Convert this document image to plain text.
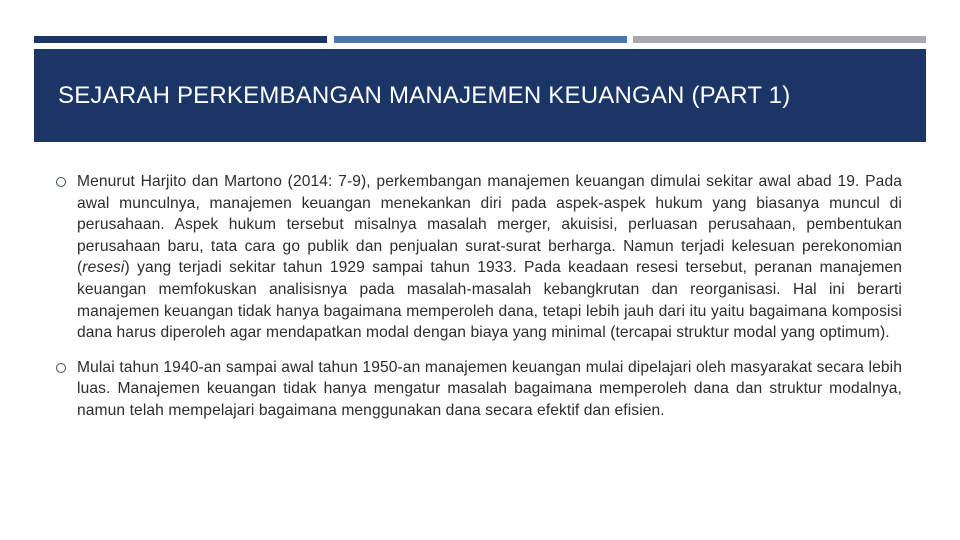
SEJARAH PERKEMBANGAN MANAJEMEN KEUANGAN (PART 1)
Menurut Harjito dan Martono (2014: 7-9), perkembangan manajemen keuangan dimulai sekitar awal abad 19. Pada awal munculnya, manajemen keuangan menekankan diri pada aspek-aspek hukum yang biasanya muncul di perusahaan. Aspek hukum tersebut misalnya masalah merger, akuisisi, perluasan perusahaan, pembentukan perusahaan baru, tata cara go publik dan penjualan surat-surat berharga. Namun terjadi kelesuan perekonomian (resesi) yang terjadi sekitar tahun 1929 sampai tahun 1933. Pada keadaan resesi tersebut, peranan manajemen keuangan memfokuskan analisisnya pada masalah-masalah kebangkrutan dan reorganisasi. Hal ini berarti manajemen keuangan tidak hanya bagaimana memperoleh dana, tetapi lebih jauh dari itu yaitu bagaimana komposisi dana harus diperoleh agar mendapatkan modal dengan biaya yang minimal (tercapai struktur modal yang optimum).
Mulai tahun 1940-an sampai awal tahun 1950-an manajemen keuangan mulai dipelajari oleh masyarakat secara lebih luas. Manajemen keuangan tidak hanya mengatur masalah bagaimana memperoleh dana dan struktur modalnya, namun telah mempelajari bagaimana menggunakan dana secara efektif dan efisien.
